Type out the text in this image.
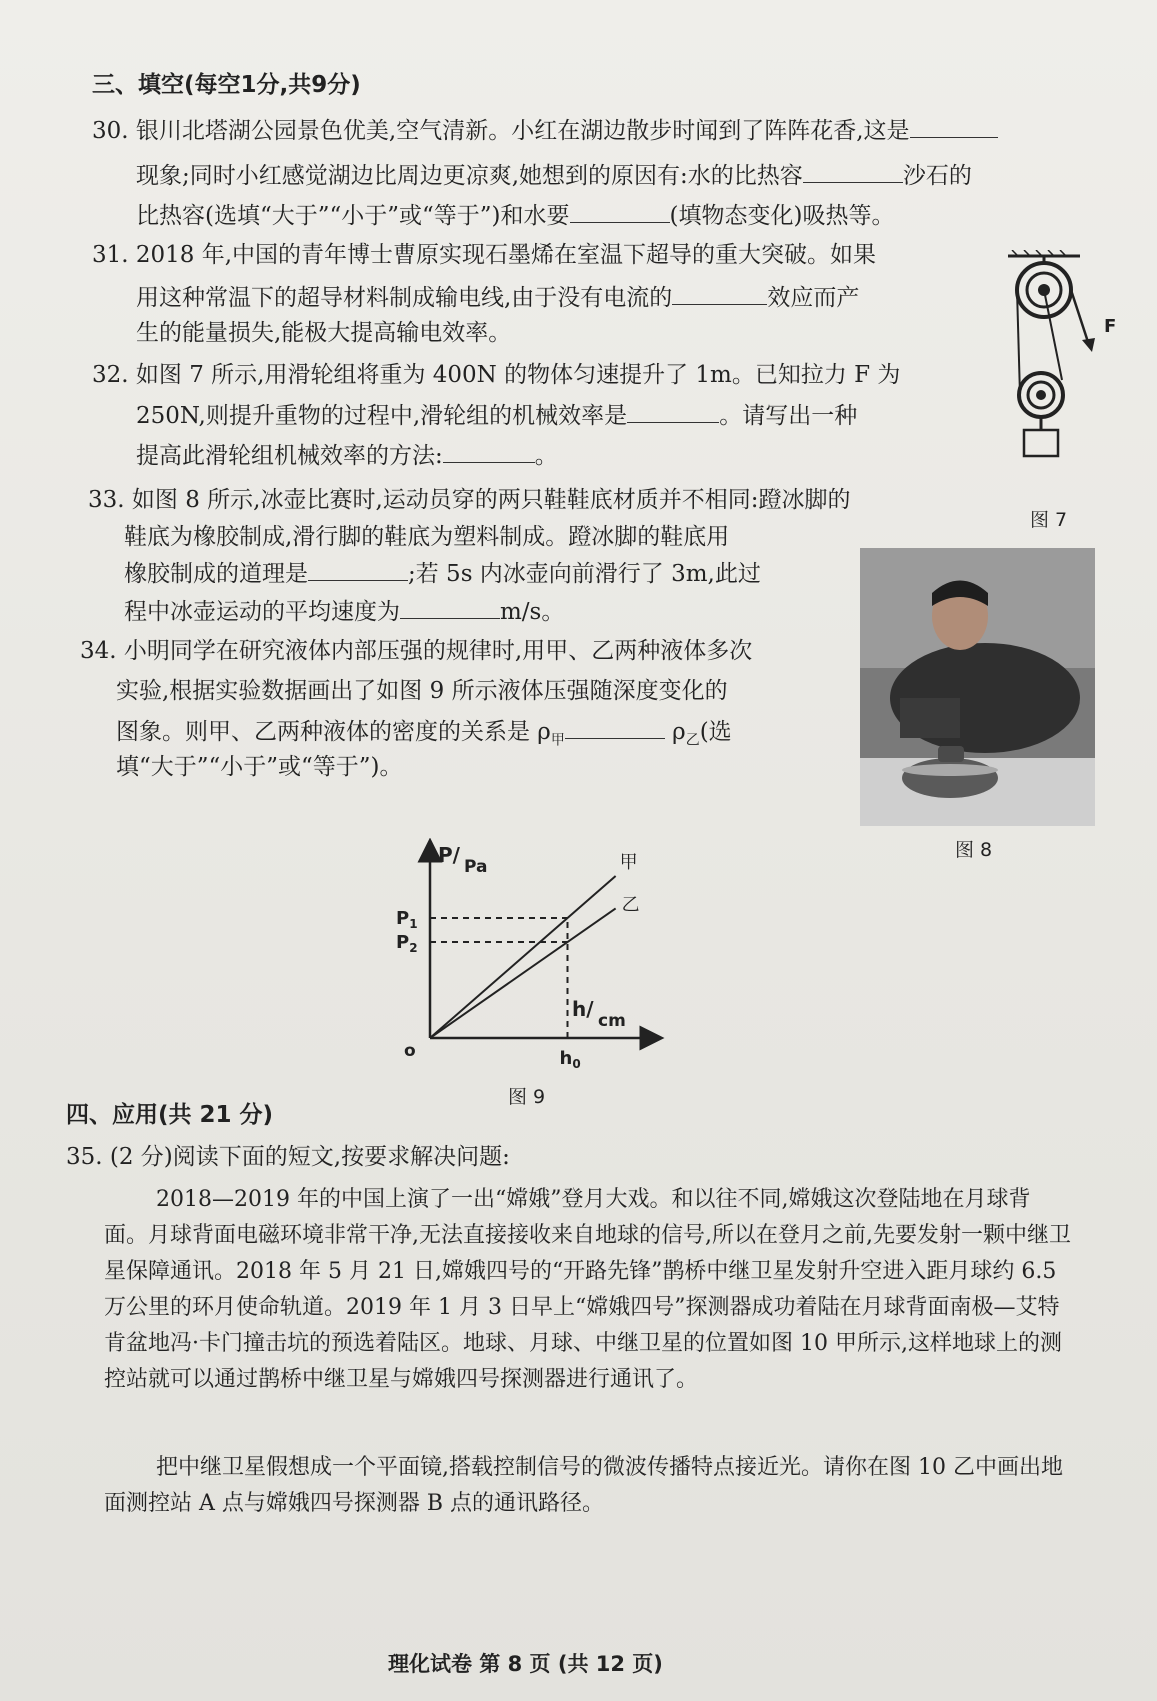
三、填空(每空1分,共9分)
30. 银川北塔湖公园景色优美,空气清新。小红在湖边散步时闻到了阵阵花香,这是
现象;同时小红感觉湖边比周边更凉爽,她想到的原因有:水的比热容	沙石的
比热容(选填“大于”“小于”或“等于”)和水要	(填物态变化)吸热等。
31. 2018 年,中国的青年博士曹原实现石墨烯在室温下超导的重大突破。如果
用这种常温下的超导材料制成输电线,由于没有电流的	效应而产
生的能量损失,能极大提高输电效率。
32. 如图 7 所示,用滑轮组将重为 400N 的物体匀速提升了 1m。已知拉力 F 为
250N,则提升重物的过程中,滑轮组的机械效率是	。请写出一种
提高此滑轮组机械效率的方法:	。
33. 如图 8 所示,冰壶比赛时,运动员穿的两只鞋鞋底材质并不相同:蹬冰脚的
鞋底为橡胶制成,滑行脚的鞋底为塑料制成。蹬冰脚的鞋底用
橡胶制成的道理是	;若 5s 内冰壶向前滑行了 3m,此过
程中冰壶运动的平均速度为	m/s。
34. 小明同学在研究液体内部压强的规律时,用甲、乙两种液体多次
实验,根据实验数据画出了如图 9 所示液体压强随深度变化的
图象。则甲、乙两种液体的密度的关系是 $\rho_甲$	$\rho_乙$(选
填“大于”“小于”或“等于”)。
F
图 7
图 8
P/ Pa
h/ cm
o
$P_1$
$P_2$
$h_0$
甲
乙
图 9
四、应用(共 21 分)
35. (2 分)阅读下面的短文,按要求解决问题:
2018—2019 年的中国上演了一出“嫦娥”登月大戏。和以往不同,嫦娥这次登陆地在月球背面。月球背面电磁环境非常干净,无法直接接收来自地球的信号,所以在登月之前,先要发射一颗中继卫星保障通讯。2018 年 5 月 21 日,嫦娥四号的“开路先锋”鹊桥中继卫星发射升空进入距月球约 6.5 万公里的环月使命轨道。2019 年 1 月 3 日早上“嫦娥四号”探测器成功着陆在月球背面南极—艾特肯盆地冯·卡门撞击坑的预选着陆区。地球、月球、中继卫星的位置如图 10 甲所示,这样地球上的测控站就可以通过鹊桥中继卫星与嫦娥四号探测器进行通讯了。
把中继卫星假想成一个平面镜,搭载控制信号的微波传播特点接近光。请你在图 10 乙中画出地面测控站 A 点与嫦娥四号探测器 B 点的通讯路径。
理化试卷 第 8 页 (共 12 页)
